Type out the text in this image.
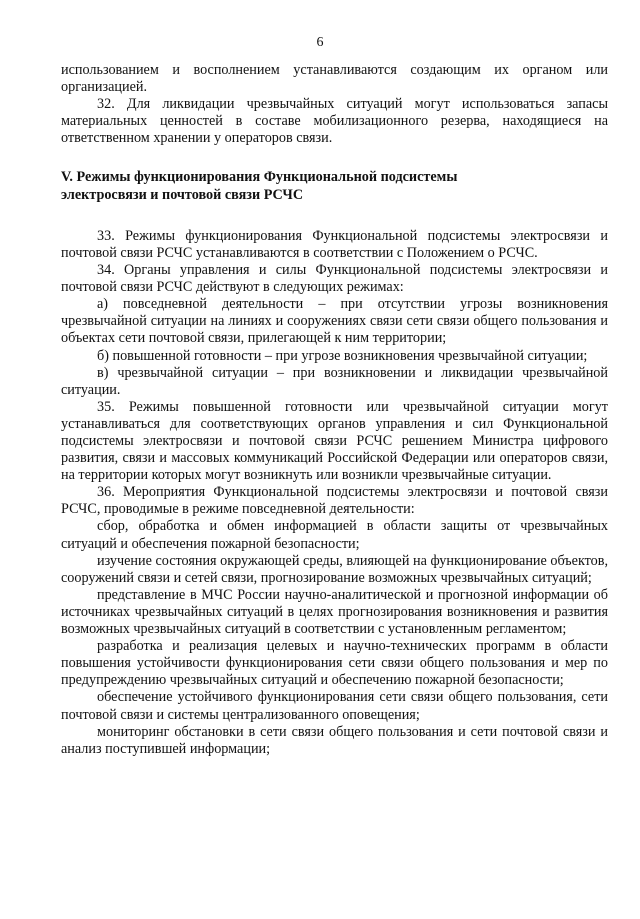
6

использованием и восполнением устанавливаются создающим их органом или организацией.

32. Для ликвидации чрезвычайных ситуаций могут использоваться запасы материальных ценностей в составе мобилизационного резерва, находящиеся на ответственном хранении у операторов связи.

V. Режимы функционирования Функциональной подсистемы

электросвязи и почтовой связи РСЧС

33. Режимы функционирования Функциональной подсистемы электросвязи и почтовой связи РСЧС устанавливаются в соответствии с Положением о РСЧС.

34. Органы управления и силы Функциональной подсистемы электросвязи и почтовой связи РСЧС действуют в следующих режимах:

а) повседневной деятельности – при отсутствии угрозы возникновения чрезвычайной ситуации на линиях и сооружениях связи сети связи общего пользования и объектах сети почтовой связи, прилегающей к ним территории;

б) повышенной готовности – при угрозе возникновения чрезвычайной ситуации;

в) чрезвычайной ситуации – при возникновении и ликвидации чрезвычайной ситуации.

35. Режимы повышенной готовности или чрезвычайной ситуации могут устанавливаться для соответствующих органов управления и сил Функциональной подсистемы электросвязи и почтовой связи РСЧС решением Министра цифрового развития, связи и массовых коммуникаций Российской Федерации или операторов связи, на территории которых могут возникнуть или возникли чрезвычайные ситуации.

36. Мероприятия Функциональной подсистемы электросвязи и почтовой связи РСЧС, проводимые в режиме повседневной деятельности:

сбор, обработка и обмен информацией в области защиты от чрезвычайных ситуаций и обеспечения пожарной безопасности;

изучение состояния окружающей среды, влияющей на функционирование объектов, сооружений связи и сетей связи, прогнозирование возможных чрезвычайных ситуаций;

представление в МЧС России научно-аналитической и прогнозной информации об источниках чрезвычайных ситуаций в целях прогнозирования возникновения и развития возможных чрезвычайных ситуаций в соответствии с установленным регламентом;

разработка и реализация целевых и научно-технических программ в области повышения устойчивости функционирования сети связи общего пользования и мер по предупреждению чрезвычайных ситуаций и обеспечению пожарной безопасности;

обеспечение устойчивого функционирования сети связи общего пользования, сети почтовой связи и системы централизованного оповещения;

мониторинг обстановки в сети связи общего пользования и сети почтовой связи и анализ поступившей информации;
